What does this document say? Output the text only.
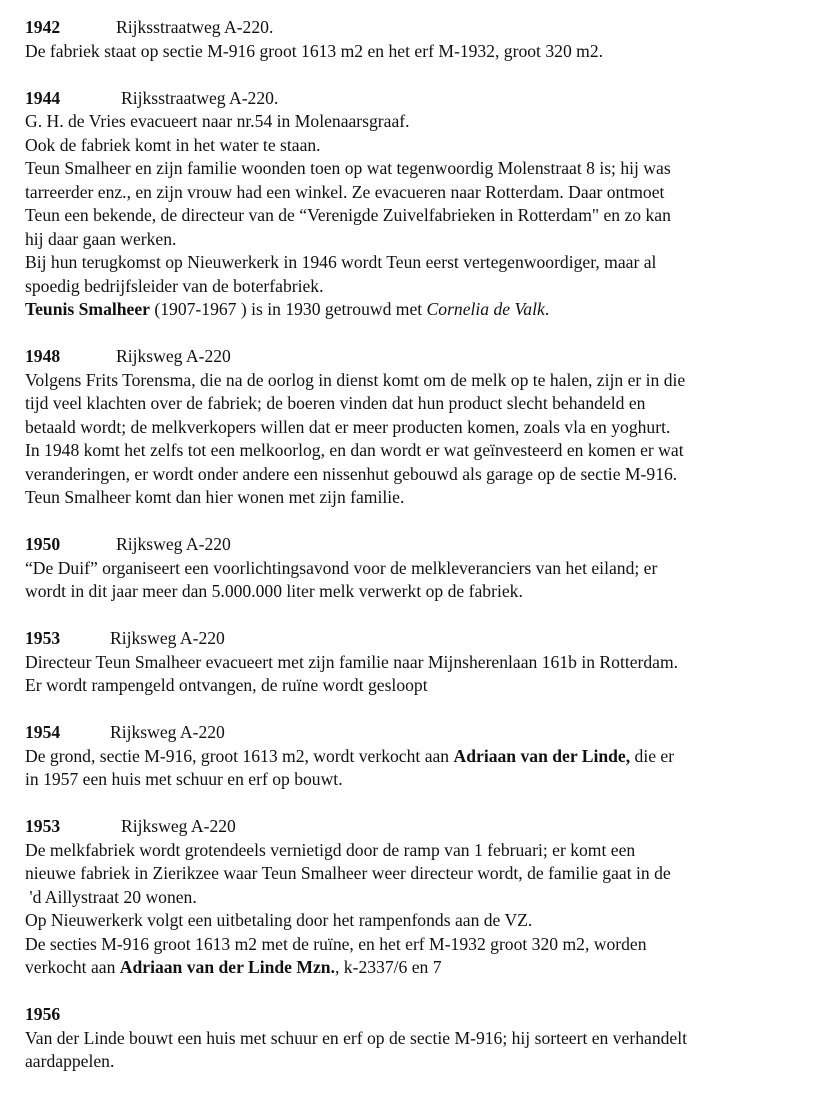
1942	Rijksstraatweg A-220.
De fabriek staat op sectie M-916 groot 1613 m2 en het erf M-1932, groot 320 m2.
1944	Rijksstraatweg A-220.
G. H. de Vries evacueert naar nr.54 in Molenaarsgraaf.
Ook de fabriek komt in het water te staan.
Teun Smalheer en zijn familie woonden toen op wat tegenwoordig Molenstraat 8 is; hij was
tarreerder enz., en zijn vrouw had een winkel. Ze evacueren naar Rotterdam. Daar ontmoet
Teun een bekende, de directeur van de “Verenigde Zuivelfabrieken in Rotterdam" en zo kan
hij daar gaan werken.
Bij hun terugkomst op Nieuwerkerk in 1946 wordt Teun eerst vertegenwoordiger, maar al
spoedig bedrijfsleider van de boterfabriek.
Teunis Smalheer (1907-1967 ) is in 1930 getrouwd met Cornelia de Valk.
1948	Rijksweg A-220
Volgens Frits Torensma, die na de oorlog in dienst komt om de melk op te halen, zijn er in die
tijd veel klachten over de fabriek; de boeren vinden dat hun product slecht behandeld en
betaald wordt; de melkverkopers willen dat er meer producten komen, zoals vla en yoghurt.
In 1948 komt het zelfs tot een melkoorlog, en dan wordt er wat geïnvesteerd en komen er wat
veranderingen, er wordt onder andere een nissenhut gebouwd als garage op de sectie M-916.
Teun Smalheer komt dan hier wonen met zijn familie.
1950	Rijksweg A-220
“De Duif” organiseert een voorlichtingsavond voor de melkleveranciers van het eiland; er
wordt in dit jaar meer dan 5.000.000 liter melk verwerkt op de fabriek.
1953	Rijksweg A-220
Directeur Teun Smalheer evacueert met zijn familie naar Mijnsherenlaan 161b in Rotterdam.
Er wordt rampengeld ontvangen, de ruïne wordt gesloopt
1954	Rijksweg A-220
De grond, sectie M-916, groot 1613 m2, wordt verkocht aan Adriaan van der Linde, die er
in 1957 een huis met schuur en erf op bouwt.
1953	Rijksweg A-220
De melkfabriek wordt grotendeels vernietigd door de ramp van 1 februari; er komt een
nieuwe fabriek in Zierikzee waar Teun Smalheer weer directeur wordt, de familie gaat in de
'd Aillystraat 20 wonen.
Op Nieuwerkerk volgt een uitbetaling door het rampenfonds aan de VZ.
De secties M-916 groot 1613 m2 met de ruïne, en het erf M-1932 groot 320 m2, worden
verkocht aan Adriaan van der Linde Mzn., k-2337/6 en 7
1956
Van der Linde bouwt een huis met schuur en erf op de sectie M-916; hij sorteert en verhandelt
aardappelen.
